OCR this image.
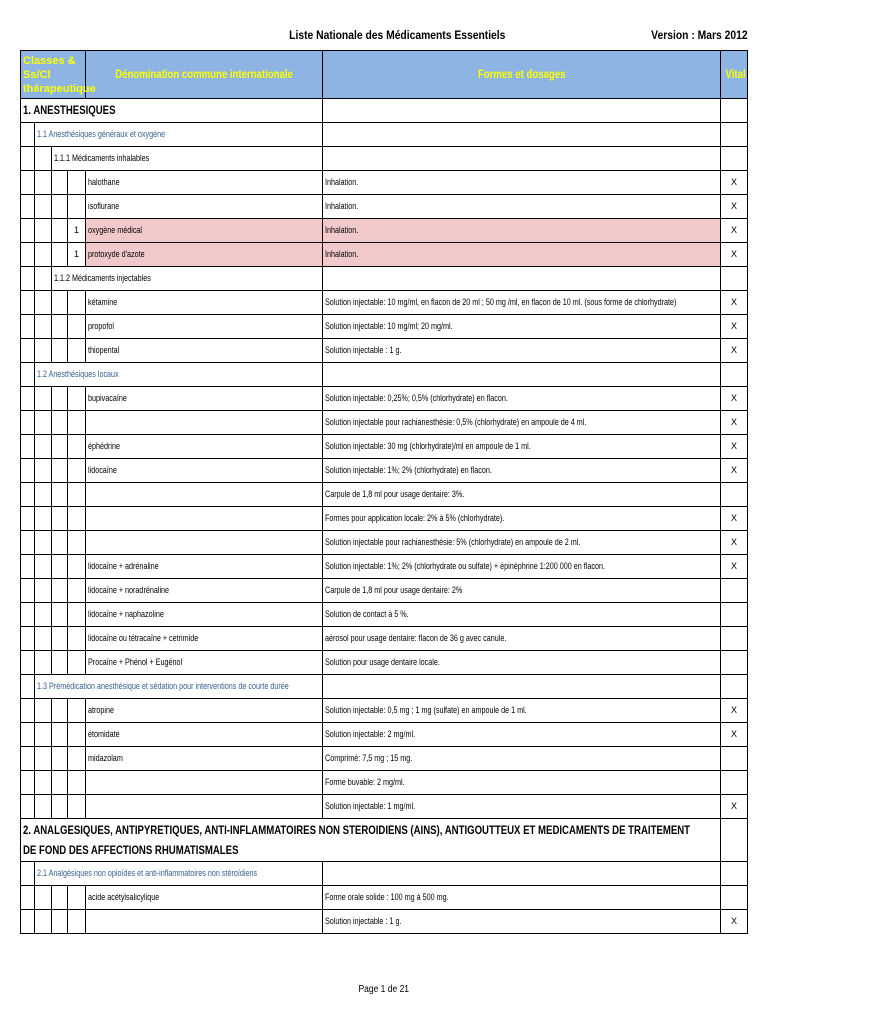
Liste Nationale des Médicaments Essentiels	Version : Mars 2012
Classes & Ss/Cl thérapeutique				Dénomination commune internationale	Formes et dosages	Vital
1. ANESTHESIQUES						
	1.1 Anesthésiques généraux et oxygène					
		1.1.1 Médicaments inhalables				
				halothane	Inhalation.	X
				isoflurane	Inhalation.	X
			1	oxygène médical	Inhalation.	X
			1	protoxyde d'azote	Inhalation.	X
		1.1.2 Médicaments injectables				
				kétamine	Solution injectable: 10 mg/ml, en flacon de 20 ml ; 50 mg /ml, en flacon de 10 ml. (sous forme de chlorhydrate)	X
				propofol	Solution injectable: 10 mg/ml; 20 mg/ml.	X
				thiopental	Solution injectable : 1 g.	X
	1.2 Anesthésiques locaux					
				bupivacaïne	Solution injectable: 0,25%; 0,5% (chlorhydrate) en flacon.	X
					Solution injectable pour rachianesthésie: 0,5% (chlorhydrate) en ampoule de 4 ml.	X
				éphédrine	Solution injectable: 30 mg (chlorhydrate)/ml en ampoule de 1 ml.	X
				lidocaïne	Solution injectable: 1%; 2% (chlorhydrate) en flacon.	X
					Carpule de 1,8 ml pour usage dentaire: 3%.	
					Formes pour application locale: 2% à 5% (chlorhydrate).	X
					Solution injectable pour rachianesthésie: 5% (chlorhydrate) en ampoule de 2 ml.	X
				lidocaïne + adrénaline	Solution injectable: 1%; 2% (chlorhydrate ou sulfate) + épinéphrine 1:200 000 en flacon.	X
				lidocaïne + noradrénaline	Carpule de 1,8 ml pour usage dentaire: 2%	
				lidocaïne + naphazoline	Solution de contact à 5 %.	
				lidocaïne ou tétracaïne + cetrimide	aérosol pour usage dentaire: flacon de 36 g avec canule.	
				Procaïne + Phénol + Eugénol	Solution pour usage dentaire locale.	
	1.3 Prémédication anesthésique et sédation pour interventions de courte durée					
				atropine	Solution injectable: 0,5 mg ; 1 mg (sulfate) en ampoule de 1 ml.	X
				étomidate	Solution injectable: 2 mg/ml.	X
				midazolam	Comprimé: 7,5 mg ; 15 mg.	
					Forme buvable: 2 mg/ml.	
					Solution injectable: 1 mg/ml.	X
2. ANALGESIQUES, ANTIPYRETIQUES, ANTI-INFLAMMATOIRES NON STEROIDIENS (AINS), ANTIGOUTTEUX ET MEDICAMENTS DE TRAITEMENT DE FOND DES AFFECTIONS RHUMATISMALES						
	2.1 Analgésiques non opioïdes et anti-inflammatoires non stéroïdiens					
				acide acétylsalicylique	Forme orale solide : 100 mg à 500 mg.	
					Solution injectable : 1 g.	X
Page 1 de 21
